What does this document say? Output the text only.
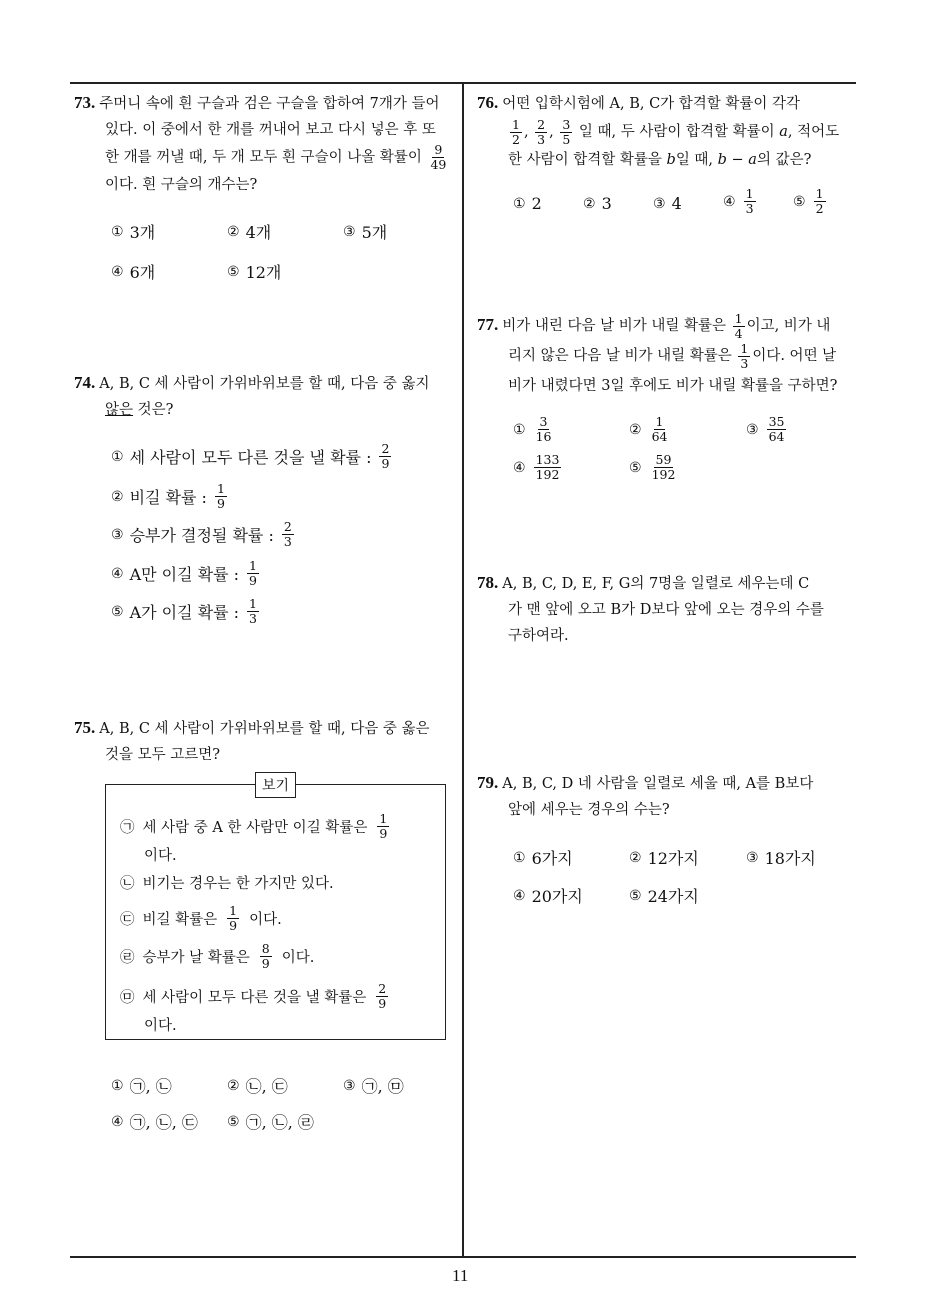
11
73. 주머니 속에 흰 구슬과 검은 구슬을 합하여 7개가 들어
있다. 이 중에서 한 개를 꺼내어 보고 다시 넣은 후 또
한 개를 꺼낼 때, 두 개 모두 흰 구슬이 나올 확률이 $\frac{9}{49}$
이다. 흰 구슬의 개수는?
① 3개	② 4개	③ 5개
④ 6개	⑤ 12개
74. A, B, C 세 사람이 가위바위보를 할 때, 다음 중 옳지
않은 것은?
① 세 사람이 모두 다른 것을 낼 확률 : $\frac{2}{9}$
② 비길 확률 : $\frac{1}{9}$
③ 승부가 결정될 확률 : $\frac{2}{3}$
④ A만 이길 확률 : $\frac{1}{9}$
⑤ A가 이길 확률 : $\frac{1}{3}$
75. A, B, C 세 사람이 가위바위보를 할 때, 다음 중 옳은
것을 모두 고르면?
보기
㉠ 세 사람 중 A 한 사람만 이길 확률은 $\frac{1}{9}$
이다.
㉡ 비기는 경우는 한 가지만 있다.
㉢ 비길 확률은 $\frac{1}{9}$ 이다.
㉣ 승부가 날 확률은 $\frac{8}{9}$ 이다.
㉤ 세 사람이 모두 다른 것을 낼 확률은 $\frac{2}{9}$
이다.
① ㉠, ㉡	② ㉡, ㉢	③ ㉠, ㉤
④ ㉠, ㉡, ㉢ ⑤ ㉠, ㉡, ㉣
76. 어떤 입학시험에 A, B, C가 합격할 확률이 각각
$\frac{1}{2}$ , $\frac{2}{3}$ , $\frac{3}{5}$ 일 때, 두 사람이 합격할 확률이 a, 적어도
한 사람이 합격할 확률을 b일 때, b − a의 값은?
① 2	② 3	③ 4	④ $\frac{1}{3}$	⑤ $\frac{1}{2}$
77. 비가 내린 다음 날 비가 내릴 확률은 $\frac{1}{4}$ 이고, 비가 내
리지 않은 다음 날 비가 내릴 확률은 $\frac{1}{3}$ 이다. 어떤 날
비가 내렸다면 3일 후에도 비가 내릴 확률을 구하면?
① $\frac{3}{16}$	② $\frac{1}{64}$	③ $\frac{35}{64}$
④ $\frac{133}{192}$	⑤ $\frac{59}{192}$
78. A, B, C, D, E, F, G의 7명을 일렬로 세우는데 C
가 맨 앞에 오고 B가 D보다 앞에 오는 경우의 수를
구하여라.
79. A, B, C, D 네 사람을 일렬로 세울 때, A를 B보다
앞에 세우는 경우의 수는?
① 6가지	② 12가지	③ 18가지
④ 20가지	⑤ 24가지
